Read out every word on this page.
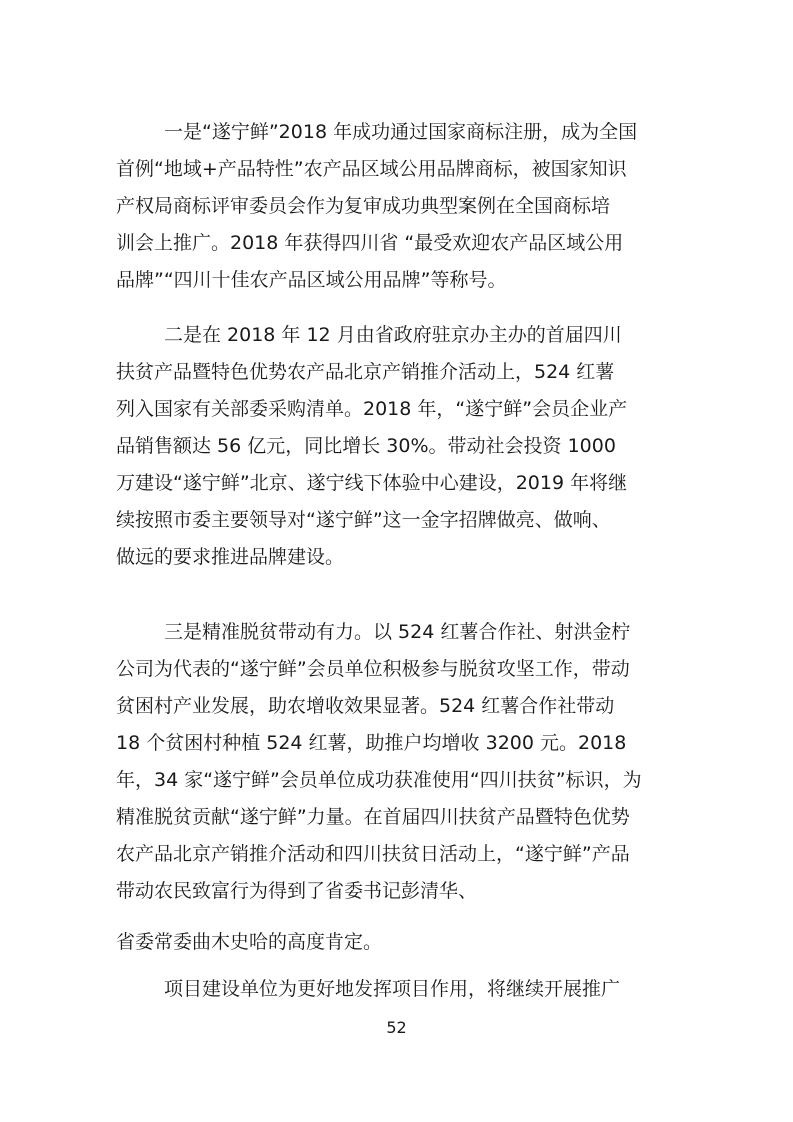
一是“遂宁鲜”2018 年成功通过国家商标注册，成为全国
首例“地域+产品特性”农产品区域公用品牌商标，被国家知识
产权局商标评审委员会作为复审成功典型案例在全国商标培
训会上推广。2018 年获得四川省 “最受欢迎农产品区域公用
品牌”“四川十佳农产品区域公用品牌”等称号。
二是在 2018 年 12 月由省政府驻京办主办的首届四川
扶贫产品暨特色优势农产品北京产销推介活动上，524 红薯
列入国家有关部委采购清单。2018 年，“遂宁鲜”会员企业产
品销售额达 56 亿元，同比增长 30%。带动社会投资 1000
万建设“遂宁鲜”北京、遂宁线下体验中心建设，2019 年将继
续按照市委主要领导对“遂宁鲜”这一金字招牌做亮、做响、
做远的要求推进品牌建设。
三是精准脱贫带动有力。以 524 红薯合作社、射洪金柠
公司为代表的“遂宁鲜”会员单位积极参与脱贫攻坚工作，带动
贫困村产业发展，助农增收效果显著。524 红薯合作社带动
18 个贫困村种植 524 红薯，助推户均增收 3200 元。2018
年，34 家“遂宁鲜”会员单位成功获准使用“四川扶贫”标识，为
精准脱贫贡献“遂宁鲜”力量。在首届四川扶贫产品暨特色优势
农产品北京产销推介活动和四川扶贫日活动上，“遂宁鲜”产品
带动农民致富行为得到了省委书记彭清华、
省委常委曲木史哈的高度肯定。
项目建设单位为更好地发挥项目作用，将继续开展推广
52
